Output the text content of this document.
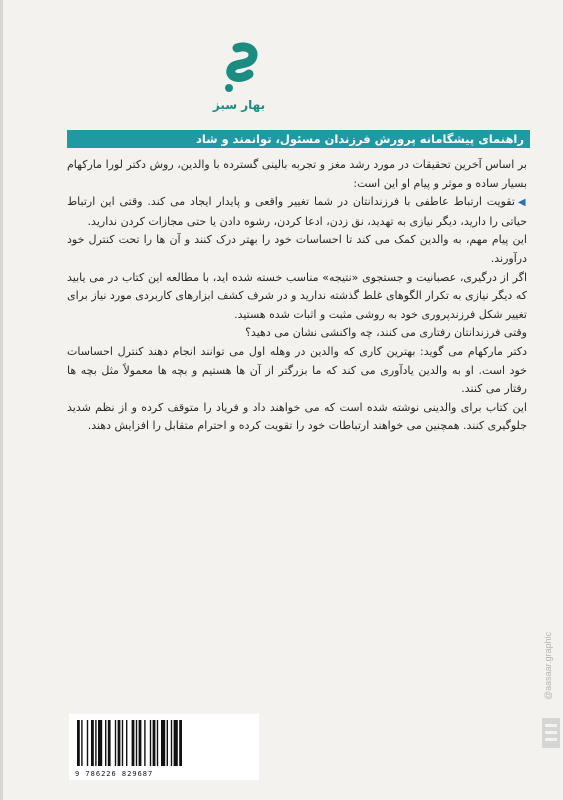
بهار سبز
راهنمای پیشگامانه پرورش فرزندان مسئول، توانمند و شاد

بر اساس آخرین تحقیقات در مورد رشد مغز و تجربه بالینی گسترده با والدین، روش دکتر لورا مارکهام بسیار ساده و موثر و پیام او این است:

◀تقویت ارتباط عاطفی با فرزندانتان در شما تغییر واقعی و پایدار ایجاد می کند. وقتی این ارتباط حیاتی را دارید، دیگر نیازی به تهدید، نق زدن، ادعا کردن، رشوه دادن یا حتی مجازات کردن ندارید.

این پیام مهم، به والدین کمک می کند تا احساسات خود را بهتر درک کنند و آن ها را تحت کنترل خود درآورند.

اگر از درگیری، عصبانیت و جستجوی «نتیجه» مناسب خسته شده اید، با مطالعه این کتاب در می یابید که دیگر نیازی به تکرار الگوهای غلط گذشته ندارید و در شرف کشف ابزارهای کاربردی مورد نیاز برای تغییر شکل فرزندپروری خود به روشی مثبت و اثبات شده هستید.

وقتی فرزندانتان رفتاری می کنند، چه واکنشی نشان می دهید؟

دکتر مارکهام می گوید: بهترین کاری که والدین در وهله اول می توانند انجام دهند کنترل احساسات خود است. او به والدین یادآوری می کند که ما بزرگتر از آن ها هستیم و بچه ها معمولاً مثل بچه ها رفتار می کنند.

این کتاب برای والدینی نوشته شده است که می خواهند داد و فریاد را متوقف کرده و از نظم شدید جلوگیری کنند. همچنین می خواهند ارتباطات خود را تقویت کرده و احترام متقابل را افزایش دهند.

9 786226 829687
@aasaar.graphic
